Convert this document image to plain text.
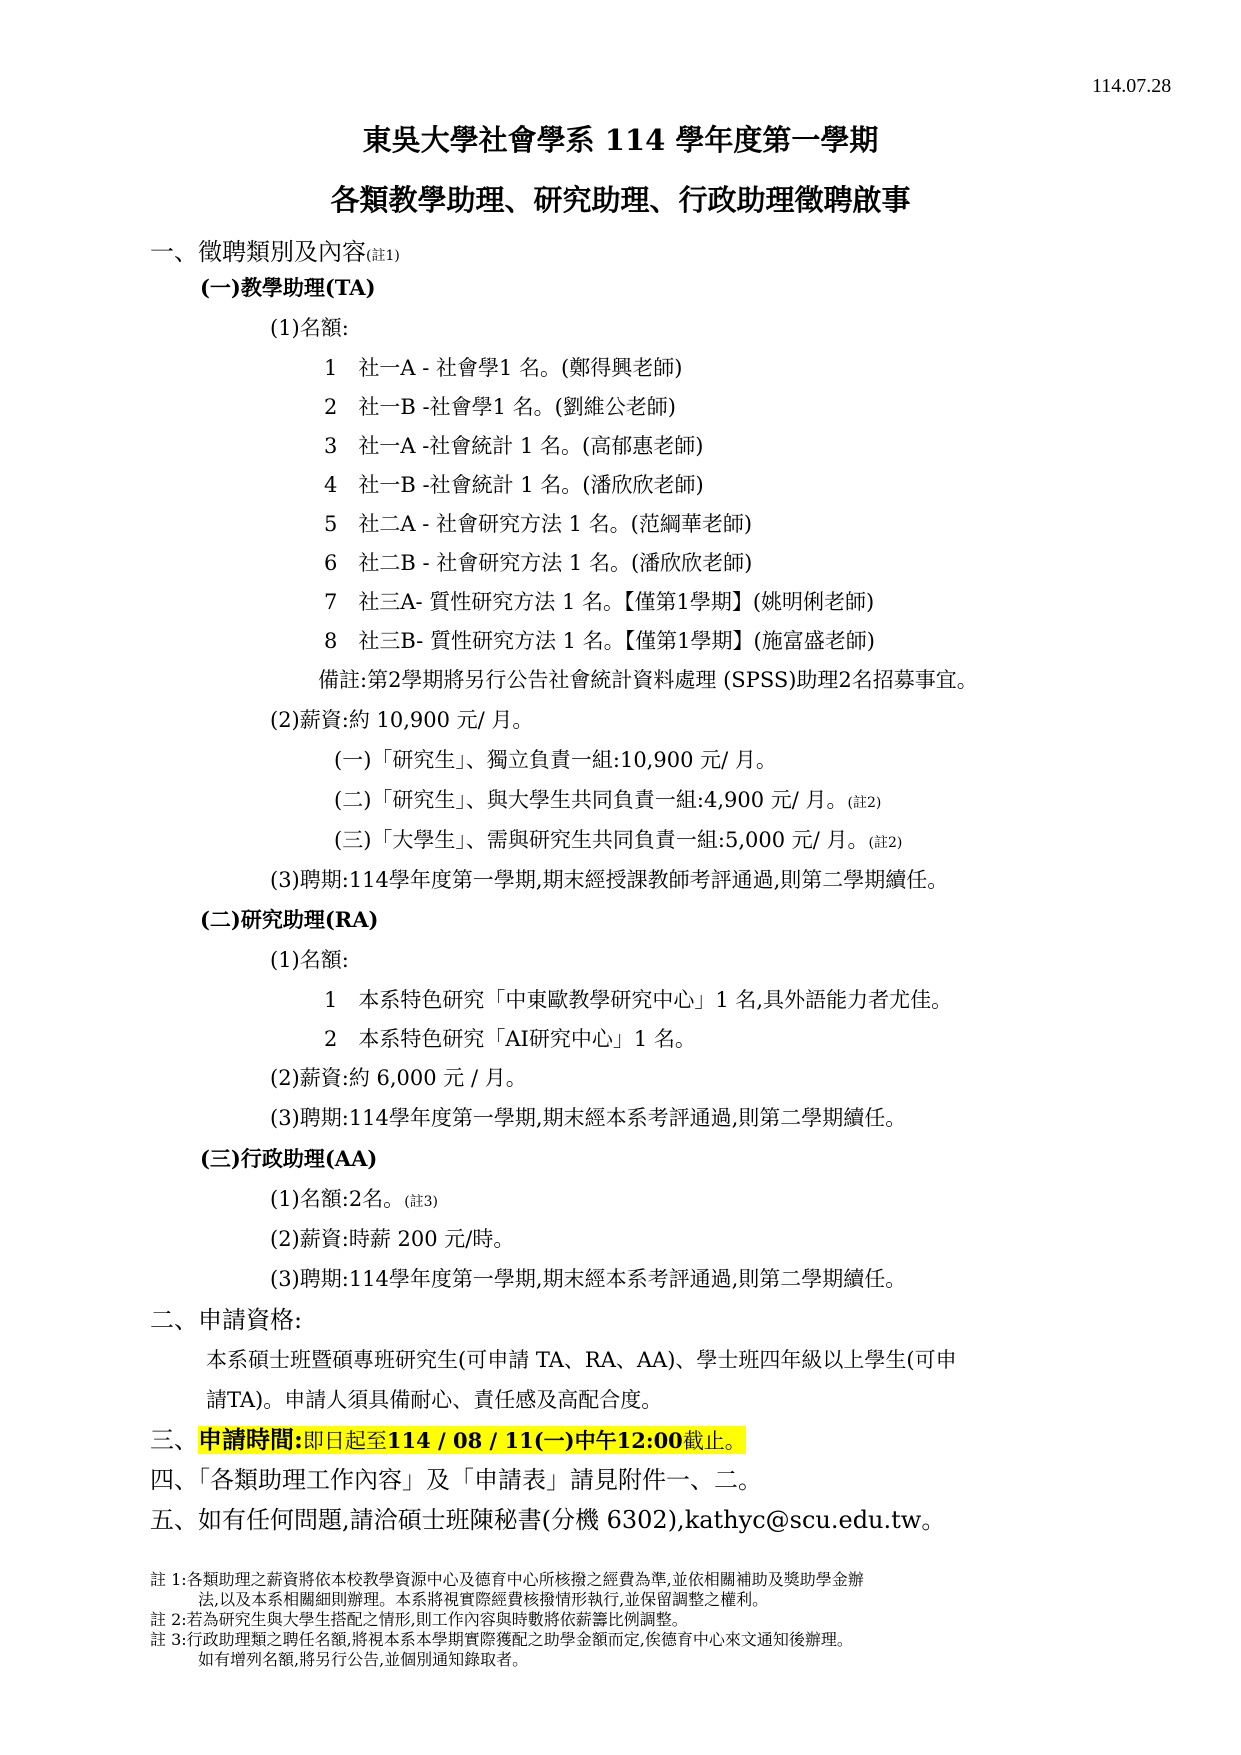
114.07.28
東吳大學社會學系 114 學年度第一學期
各類教學助理、研究助理、行政助理徵聘啟事
一、徵聘類別及內容(註1)
(一)教學助理(TA)
(1)名額:
1　社一A - 社會學1 名。(鄭得興老師)
2　社一B -社會學1 名。(劉維公老師)
3　社一A -社會統計 1 名。(高郁惠老師)
4　社一B -社會統計 1 名。(潘欣欣老師)
5　社二A - 社會研究方法 1 名。(范綱華老師)
6　社二B - 社會研究方法 1 名。(潘欣欣老師)
7　社三A- 質性研究方法 1 名。【僅第1學期】(姚明俐老師)
8　社三B- 質性研究方法 1 名。【僅第1學期】(施富盛老師)
備註:第2學期將另行公告社會統計資料處理 (SPSS)助理2名招募事宜。
(2)薪資:約 10,900 元/ 月。
(一)「研究生」、獨立負責一組:10,900 元/ 月。
(二)「研究生」、與大學生共同負責一組:4,900 元/ 月。(註2)
(三)「大學生」、需與研究生共同負責一組:5,000 元/ 月。(註2)
(3)聘期:114學年度第一學期,期末經授課教師考評通過,則第二學期續任。
(二)研究助理(RA)
(1)名額:
1　本系特色研究「中東歐教學研究中心」1 名,具外語能力者尤佳。
2　本系特色研究「AI研究中心」1 名。
(2)薪資:約 6,000 元 / 月。
(3)聘期:114學年度第一學期,期末經本系考評通過,則第二學期續任。
(三)行政助理(AA)
(1)名額:2名。(註3)
(2)薪資:時薪 200 元/時。
(3)聘期:114學年度第一學期,期末經本系考評通過,則第二學期續任。
二、申請資格:
本系碩士班暨碩專班研究生(可申請 TA、RA、AA)、學士班四年級以上學生(可申
請TA)。申請人須具備耐心、責任感及高配合度。
三、申請時間:即日起至114 / 08 / 11(一)中午12:00截止。
四、「各類助理工作內容」及「申請表」請見附件一、二。
五、如有任何問題,請洽碩士班陳秘書(分機 6302),kathyc@scu.edu.tw。
註 1:各類助理之薪資將依本校教學資源中心及德育中心所核撥之經費為準,並依相關補助及獎助學金辦
　　　法,以及本系相關細則辦理。本系將視實際經費核撥情形執行,並保留調整之權利。
註 2:若為研究生與大學生搭配之情形,則工作內容與時數將依薪籌比例調整。
註 3:行政助理類之聘任名額,將視本系本學期實際獲配之助學金額而定,俟德育中心來文通知後辦理。
　　　如有增列名額,將另行公告,並個別通知錄取者。
